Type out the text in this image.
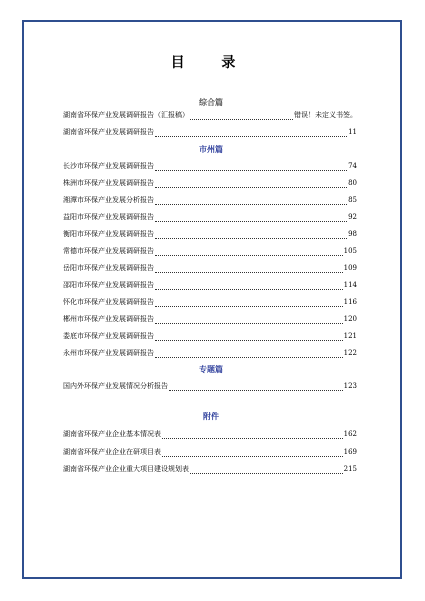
目 录
综合篇
湖南省环保产业发展调研报告（汇报稿）	错误！未定义书签。
湖南省环保产业发展调研报告	11
市州篇
长沙市环保产业发展调研报告	74
株洲市环保产业发展调研报告	80
湘潭市环保产业发展分析报告	85
益阳市环保产业发展调研报告	92
衡阳市环保产业发展调研报告	98
常德市环保产业发展调研报告	105
岳阳市环保产业发展调研报告	109
邵阳市环保产业发展调研报告	114
怀化市环保产业发展调研报告	116
郴州市环保产业发展调研报告	120
娄底市环保产业发展调研报告	121
永州市环保产业发展调研报告	122
专题篇
国内外环保产业发展情况分析报告	123
附件
湖南省环保产业企业基本情况表	162
湖南省环保产业企业在研项目表	169
湖南省环保产业企业重大项目建设规划表	215
